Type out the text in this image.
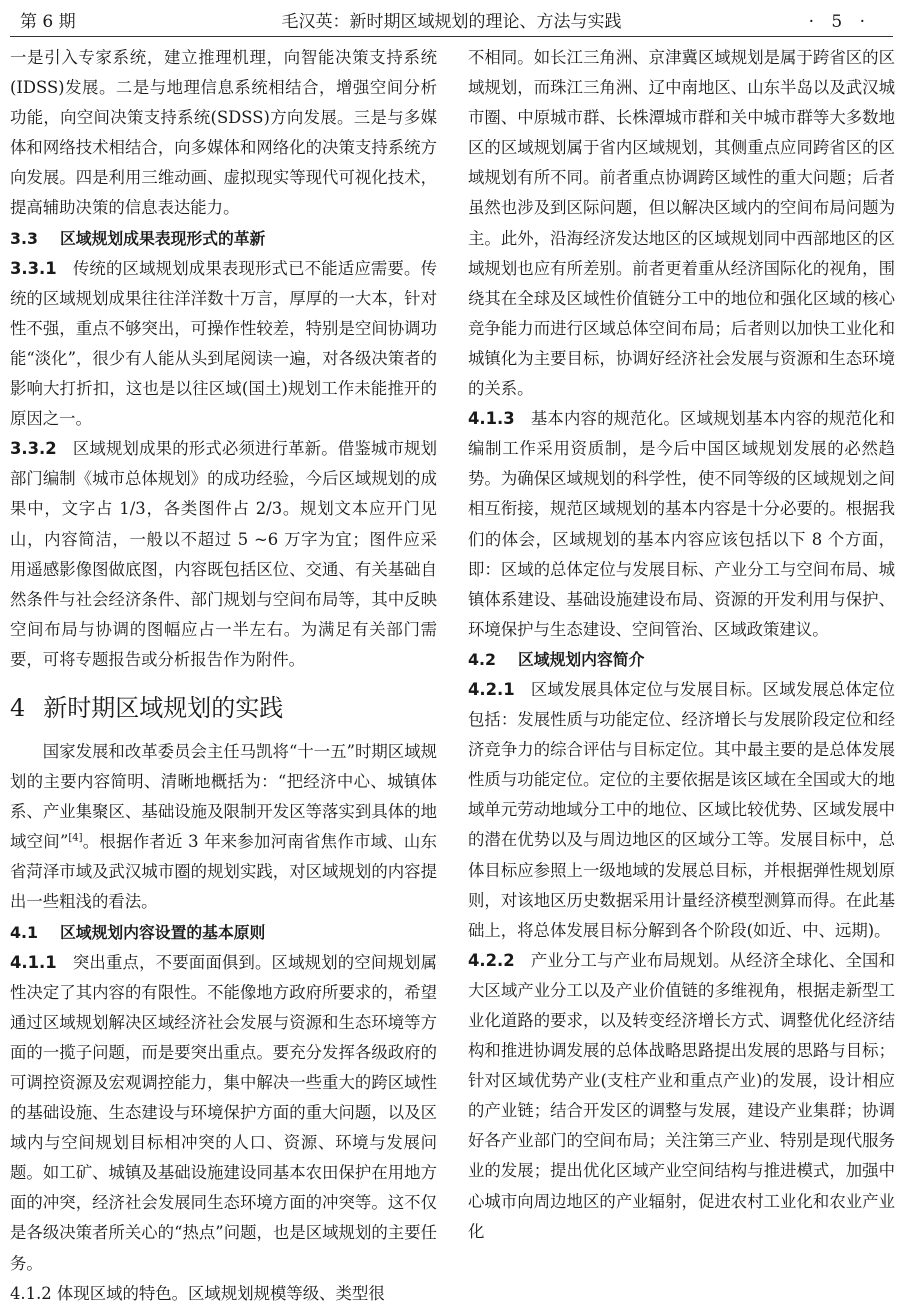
第 6 期	毛汉英：新时期区域规划的理论、方法与实践	· 5 ·

一是引入专家系统，建立推理机理，向智能决策支持系统(IDSS)发展。二是与地理信息系统相结合，增强空间分析功能，向空间决策支持系统(SDSS)方向发展。三是与多媒体和网络技术相结合，向多媒体和网络化的决策支持系统方向发展。四是利用三维动画、虚拟现实等现代可视化技术，提高辅助决策的信息表达能力。

3.3 区域规划成果表现形式的革新

3.3.1 传统的区域规划成果表现形式已不能适应需要。传统的区域规划成果往往洋洋数十万言，厚厚的一大本，针对性不强，重点不够突出，可操作性较差，特别是空间协调功能“淡化”，很少有人能从头到尾阅读一遍，对各级决策者的影响大打折扣，这也是以往区域(国土)规划工作未能推开的原因之一。

3.3.2 区域规划成果的形式必须进行革新。借鉴城市规划部门编制《城市总体规划》的成功经验，今后区域规划的成果中，文字占 1/3，各类图件占 2/3。规划文本应开门见山，内容简洁，一般以不超过 5 ~6 万字为宜；图件应采用遥感影像图做底图，内容既包括区位、交通、有关基础自然条件与社会经济条件、部门规划与空间布局等，其中反映空间布局与协调的图幅应占一半左右。为满足有关部门需要，可将专题报告或分析报告作为附件。

4 新时期区域规划的实践

国家发展和改革委员会主任马凯将“十一五”时期区域规划的主要内容简明、清晰地概括为：“把经济中心、城镇体系、产业集聚区、基础设施及限制开发区等落实到具体的地域空间”[4]。根据作者近 3 年来参加河南省焦作市域、山东省菏泽市域及武汉城市圈的规划实践，对区域规划的内容提出一些粗浅的看法。

4.1 区域规划内容设置的基本原则

4.1.1 突出重点，不要面面俱到。区域规划的空间规划属性决定了其内容的有限性。不能像地方政府所要求的，希望通过区域规划解决区域经济社会发展与资源和生态环境等方面的一揽子问题，而是要突出重点。要充分发挥各级政府的可调控资源及宏观调控能力，集中解决一些重大的跨区域性的基础设施、生态建设与环境保护方面的重大问题，以及区域内与空间规划目标相冲突的人口、资源、环境与发展问题。如工矿、城镇及基础设施建设同基本农田保护在用地方面的冲突，经济社会发展同生态环境方面的冲突等。这不仅是各级决策者所关心的“热点”问题，也是区域规划的主要任务。

4.1.2 体现区域的特色。区域规划规模等级、类型很

不相同。如长江三角洲、京津冀区域规划是属于跨省区的区域规划，而珠江三角洲、辽中南地区、山东半岛以及武汉城市圈、中原城市群、长株潭城市群和关中城市群等大多数地区的区域规划属于省内区域规划，其侧重点应同跨省区的区域规划有所不同。前者重点协调跨区域性的重大问题；后者虽然也涉及到区际问题，但以解决区域内的空间布局问题为主。此外，沿海经济发达地区的区域规划同中西部地区的区域规划也应有所差别。前者更着重从经济国际化的视角，围绕其在全球及区域性价值链分工中的地位和强化区域的核心竞争能力而进行区域总体空间布局；后者则以加快工业化和城镇化为主要目标，协调好经济社会发展与资源和生态环境的关系。

4.1.3 基本内容的规范化。区域规划基本内容的规范化和编制工作采用资质制，是今后中国区域规划发展的必然趋势。为确保区域规划的科学性，使不同等级的区域规划之间相互衔接，规范区域规划的基本内容是十分必要的。根据我们的体会，区域规划的基本内容应该包括以下 8 个方面，即：区域的总体定位与发展目标、产业分工与空间布局、城镇体系建设、基础设施建设布局、资源的开发利用与保护、环境保护与生态建设、空间管治、区域政策建议。

4.2 区域规划内容简介

4.2.1 区域发展具体定位与发展目标。区域发展总体定位包括：发展性质与功能定位、经济增长与发展阶段定位和经济竞争力的综合评估与目标定位。其中最主要的是总体发展性质与功能定位。定位的主要依据是该区域在全国或大的地域单元劳动地域分工中的地位、区域比较优势、区域发展中的潜在优势以及与周边地区的区域分工等。发展目标中，总体目标应参照上一级地域的发展总目标，并根据弹性规划原则，对该地区历史数据采用计量经济模型测算而得。在此基础上，将总体发展目标分解到各个阶段(如近、中、远期)。

4.2.2 产业分工与产业布局规划。从经济全球化、全国和大区域产业分工以及产业价值链的多维视角，根据走新型工业化道路的要求，以及转变经济增长方式、调整优化经济结构和推进协调发展的总体战略思路提出发展的思路与目标；针对区域优势产业(支柱产业和重点产业)的发展，设计相应的产业链；结合开发区的调整与发展，建设产业集群；协调好各产业部门的空间布局；关注第三产业、特别是现代服务业的发展；提出优化区域产业空间结构与推进模式，加强中心城市向周边地区的产业辐射，促进农村工业化和农业产业化
